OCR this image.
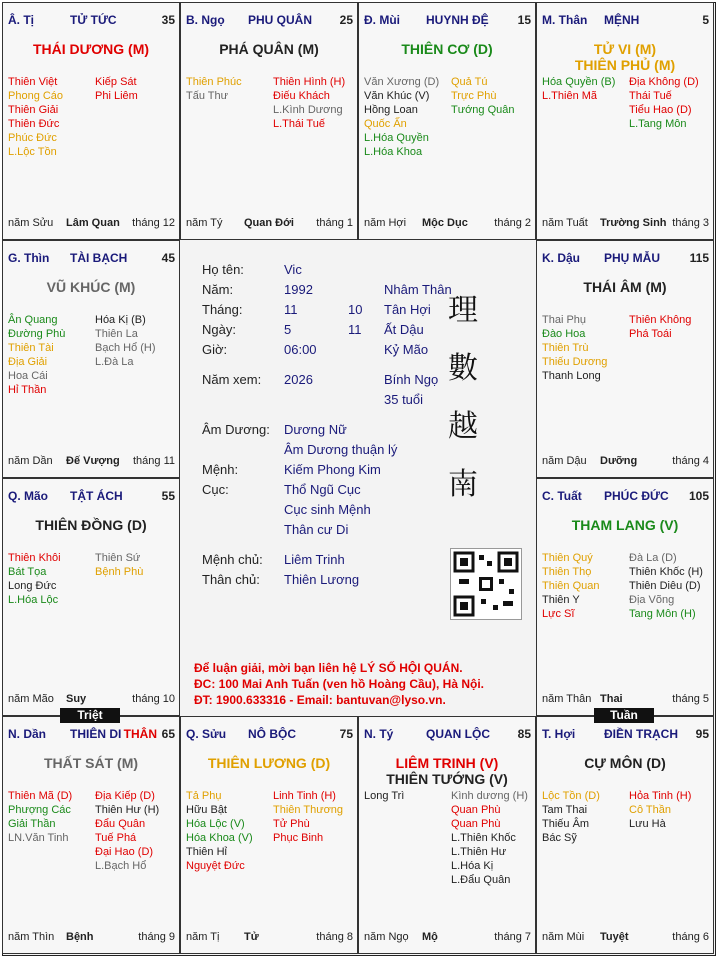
Họ tên:	Vic
Năm:	1992	Nhâm Thân
Tháng:	11	10 Tân Hợi
Ngày:	5	11 Ất Dậu
Giờ:	06:00	Kỷ Mão
Năm xem: 2026	Bính Ngọ
35 tuổi
Âm Dương: Dương Nữ
Âm Dương thuận lý
Mệnh:	Kiếm Phong Kim
Cục:	Thổ Ngũ Cục
Cục sinh Mệnh
Thân cư Di
Mệnh chủ: Liêm Trinh
Thân chủ: Thiên Lương
理
數
越
南
Để luận giải, mời bạn liên hệ LÝ SỐ HỘI QUÁN.
ĐC: 100 Mai Anh Tuấn (ven hồ Hoàng Cầu), Hà Nội.
ĐT: 1900.633316 - Email: bantuvan@lyso.vn.
Â. Tị	TỬ TỨC	35
THÁI DƯƠNG (M)
Thiên Việt
Phong Cáo
Thiên Giải
Thiên Đức
Phúc Đức
L.Lộc Tồn
Kiếp Sát
Phi Liêm
năm Sửu Lâm Quan tháng 12
B. Ngọ PHU QUÂN 25
PHÁ QUÂN (M)
Thiên Phúc
Tấu Thư
Thiên Hình (H)
Điếu Khách
L.Kình Dương
L.Thái Tuế
năm Tý Quan Đới tháng 1
Đ. Mùi HUYNH ĐỆ 15
THIÊN CƠ (D)
Văn Xương (D)
Văn Khúc (V)
Hồng Loan
Quốc Ấn
L.Hóa Quyền
L.Hóa Khoa
Quả Tú
Trực Phù
Tướng Quân
năm Hợi Mộc Dục tháng 2
M. Thân MỆNH	5
TỬ VI (M)
THIÊN PHỦ (M)
Hóa Quyền (B)
L.Thiên Mã
Địa Không (D)
Thái Tuế
Tiểu Hao (D)
L.Tang Môn
năm Tuất Trường Sinh tháng 3
G. Thìn TÀI BẠCH	45
VŨ KHÚC (M)
Ân Quang
Đường Phù
Thiên Tài
Địa Giải
Hoa Cái
Hỉ Thần
Hóa Kị (B)
Thiên La
Bạch Hổ (H)
L.Đà La
năm Dần Đế Vượng tháng 11
K. Dậu PHỤ MẪU 115
THÁI ÂM (M)
Thai Phụ
Đào Hoa
Thiên Trù
Thiếu Dương
Thanh Long
Thiên Không
Phá Toái
năm Dậu Dưỡng	tháng 4
Q. Mão TẬT ÁCH	55
THIÊN ĐỒNG (D)
Thiên Khôi
Bát Tọa
Long Đức
L.Hóa Lộc
Thiên Sứ
Bệnh Phù
năm Mão Suy	tháng 10
C. Tuất PHÚC ĐỨC 105
THAM LANG (V)
Thiên Quý
Thiên Thọ
Thiên Quan
Thiên Y
Lực Sĩ
Đà La (D)
Thiên Khốc (H)
Thiên Diêu (D)
Địa Võng
Tang Môn (H)
năm Thân Thai	tháng 5
N. Dần THIÊN DI	65
THÂN
THẤT SÁT (M)
Thiên Mã (D)
Phượng Các
Giải Thần
LN.Văn Tinh
Địa Kiếp (D)
Thiên Hư (H)
Đẩu Quân
Tuế Phá
Đại Hao (D)
L.Bạch Hổ
năm Thìn Bệnh	tháng 9
Q. Sửu NÔ BỘC	75
THIÊN LƯƠNG (D)
Tả Phụ
Hữu Bật
Hóa Lộc (V)
Hóa Khoa (V)
Thiên Hỉ
Nguyệt Đức
Linh Tinh (H)
Thiên Thương
Tử Phù
Phục Binh
năm Tị Tử	tháng 8
N. Tý	QUAN LỘC 85
LIÊM TRINH (V)
THIÊN TƯỚNG (V)
Long Trì	Kình dương (H)
Quan Phù
Quan Phù
L.Thiên Khốc
L.Thiên Hư
L.Hóa Kị
L.Đẩu Quân
năm Ngọ Mộ	tháng 7
T. Hợi ĐIỀN TRẠCH 95
CỰ MÔN (D)
Lộc Tồn (D)
Tam Thai
Thiếu Âm
Bác Sỹ
Hỏa Tinh (H)
Cô Thần
Lưu Hà
năm Mùi Tuyệt	tháng 6
Triệt	Tuần
